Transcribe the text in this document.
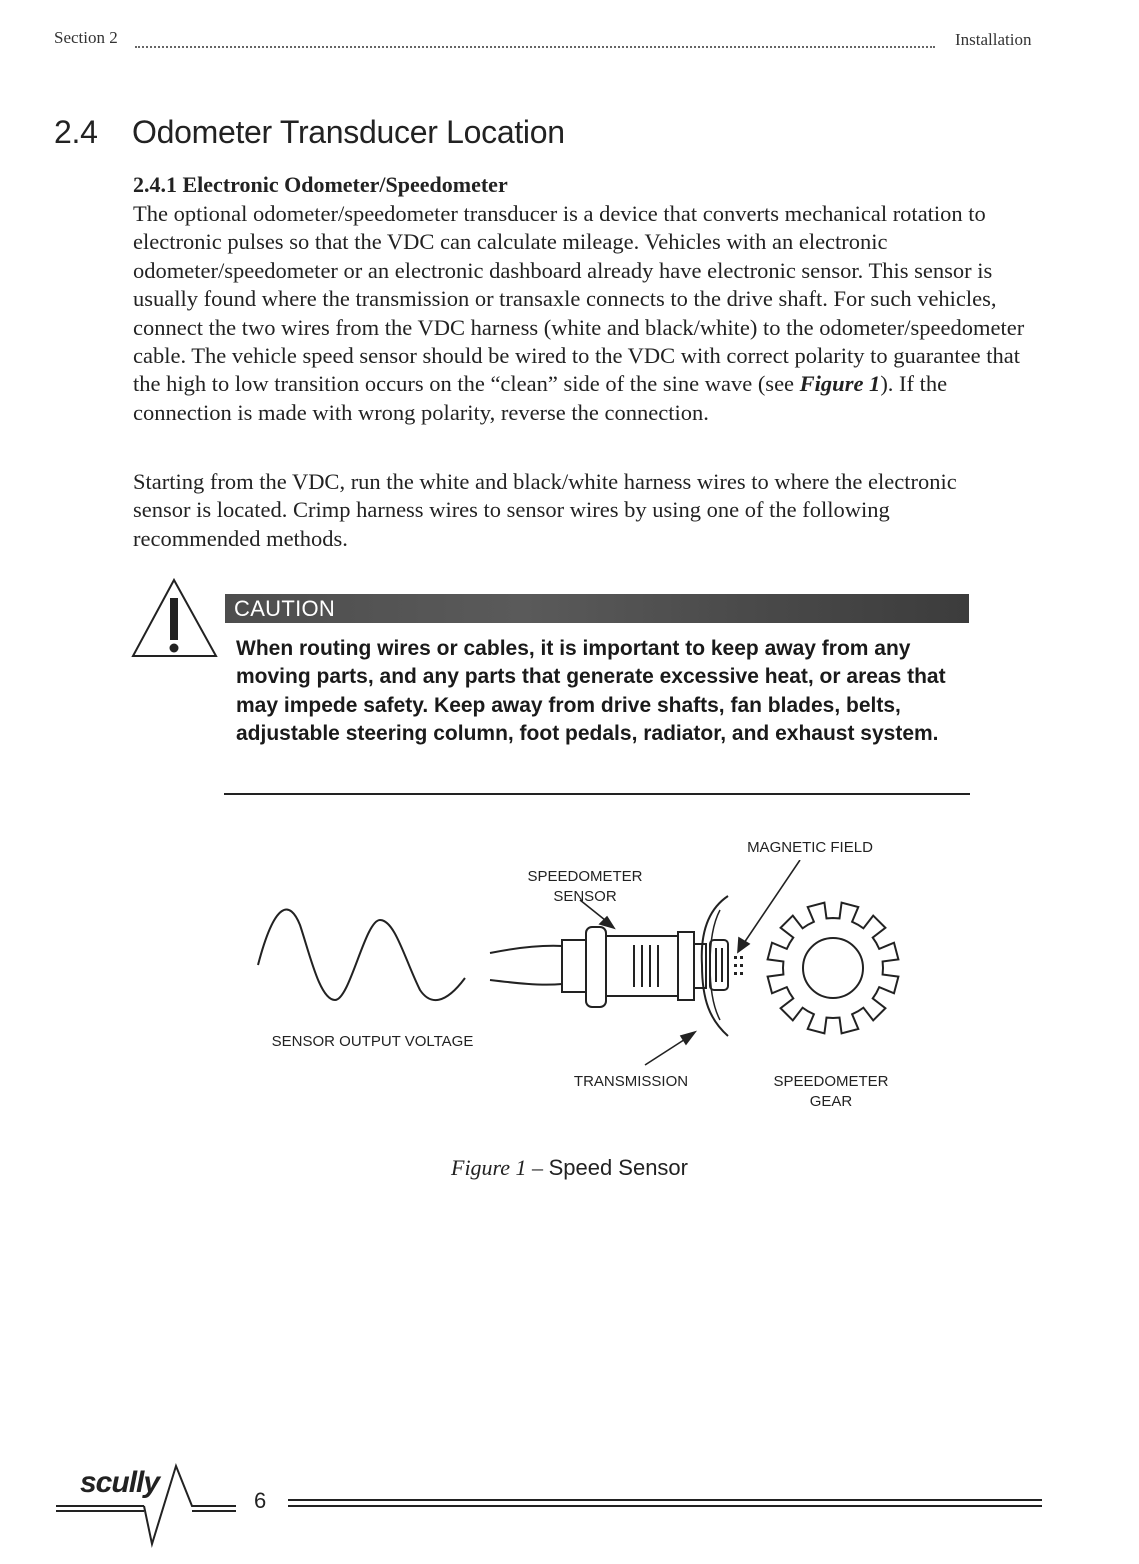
Section 2	Installation
2.4 Odometer Transducer Location
2.4.1 Electronic Odometer/Speedometer
The optional odometer/speedometer transducer is a device that converts mechanical rotation to electronic pulses so that the VDC can calculate mileage. Vehicles with an electronic odometer/speedometer or an electronic dashboard already have electronic sensor. This sensor is usually found where the transmission or transaxle connects to the drive shaft. For such vehicles, connect the two wires from the VDC harness (white and black/white) to the odometer/speedometer cable. The vehicle speed sensor should be wired to the VDC with correct polarity to guarantee that the high to low transition occurs on the “clean” side of the sine wave (see Figure 1). If the connection is made with wrong polarity, reverse the connection.
Starting from the VDC, run the white and black/white harness wires to where the electronic sensor is located. Crimp harness wires to sensor wires by using one of the following recommended methods.
CAUTION
When routing wires or cables, it is important to keep away from any moving parts, and any parts that generate excessive heat, or areas that may impede safety. Keep away from drive shafts, fan blades, belts, adjustable steering column, foot pedals, radiator, and exhaust system.
SPEEDOMETER
SENSOR
MAGNETIC FIELD
SENSOR OUTPUT VOLTAGE
TRANSMISSION	SPEEDOMETER
GEAR
Figure 1 – Speed Sensor
scully
6
